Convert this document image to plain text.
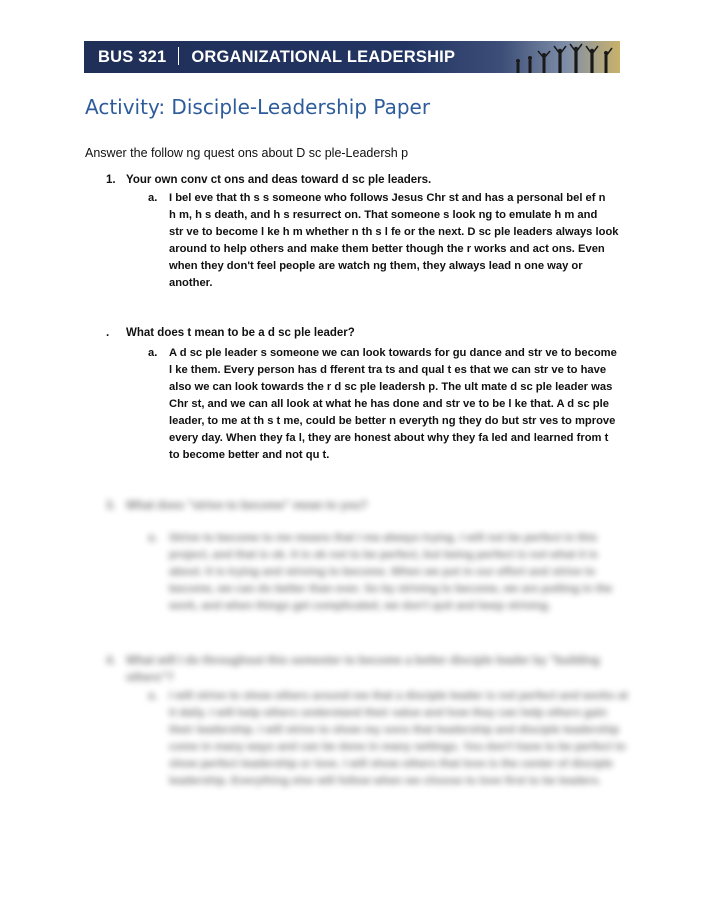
BUS 321 ORGANIZATIONAL LEADERSHIP
Activity: Disciple-Leadership Paper
Answer the follow ng quest ons about D sc ple-Leadersh p
1. Your own conv ct ons and deas toward d sc ple leaders.
a.	I bel eve that th s s someone who follows Jesus Chr st and has a personal bel ef n
h m, h s death, and h s resurrect on. That someone s look ng to emulate h m and
str ve to become l ke h m whether n th s l fe or the next. D sc ple leaders always look
around to help others and make them better though the r works and act ons. Even
when they don't feel people are watch ng them, they always lead n one way or
another.
. What does t mean to be a d sc ple leader?
a.	A d sc ple leader s someone we can look towards for gu dance and str ve to become
l ke them. Every person has d fferent tra ts and qual t es that we can str ve to have
also we can look towards the r d sc ple leadersh p. The ult mate d sc ple leader was
Chr st, and we can all look at what he has done and str ve to be l ke that. A d sc ple
leader, to me at th s t me, could be better n everyth ng they do but str ves to mprove
every day. When they fa l, they are honest about why they fa led and learned from t
to become better and not qu t.
3. What does "strive to become" mean to you?
a.	Strive to become to me means that I ma always trying. I will not be perfect in this
project, and that is ok. It is ok not to be perfect, but being perfect is not what it is
about. It is trying and striving to become. When we put in our effort and strive to
become, we can do better than ever. So by striving to become, we are putting in the
work, and when things get complicated, we don't quit and keep striving.
4. What will I do throughout this semester to become a better disciple leader by "building
others"?
a.	I will strive to show others around me that a disciple leader is not perfect and works at
it daily. I will help others understand their value and how they can help others gain
their leadership. I will strive to show my sons that leadership and disciple leadership
come in many ways and can be done in many settings. You don't have to be perfect to
show perfect leadership or love. I will show others that love is the center of disciple
leadership. Everything else will follow when we choose to love first to be leaders.
